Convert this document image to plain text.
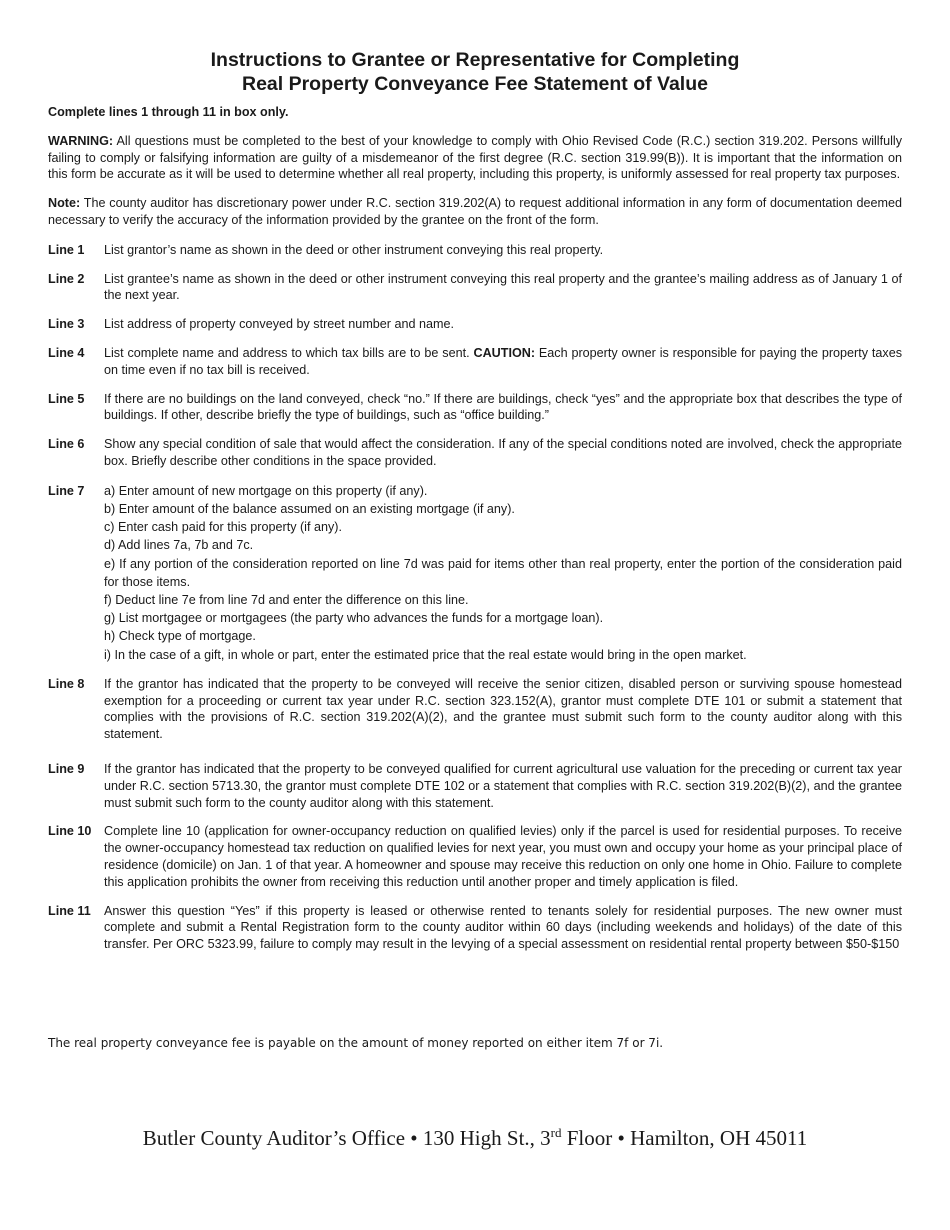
Instructions to Grantee or Representative for Completing
Real Property Conveyance Fee Statement of Value
Complete lines 1 through 11 in box only.
WARNING: All questions must be completed to the best of your knowledge to comply with Ohio Revised Code (R.C.) section 319.202. Persons willfully failing to comply or falsifying information are guilty of a misdemeanor of the first degree (R.C. section 319.99(B)). It is important that the information on this form be accurate as it will be used to determine whether all real property, including this property, is uniformly assessed for real property tax purposes.
Note: The county auditor has discretionary power under R.C. section 319.202(A) to request additional information in any form of documentation deemed necessary to verify the accuracy of the information provided by the grantee on the front of the form.
Line 1 List grantor’s name as shown in the deed or other instrument conveying this real property.
Line 2 List grantee’s name as shown in the deed or other instrument conveying this real property and the grantee’s mailing address as of January 1 of the next year.
Line 3 List address of property conveyed by street number and name.
Line 4 List complete name and address to which tax bills are to be sent. CAUTION: Each property owner is responsible for paying the property taxes on time even if no tax bill is received.
Line 5 If there are no buildings on the land conveyed, check “no.” If there are buildings, check “yes” and the appropriate box that describes the type of buildings. If other, describe briefly the type of buildings, such as “office building.”
Line 6 Show any special condition of sale that would affect the consideration. If any of the special conditions noted are involved, check the appropriate box. Briefly describe other conditions in the space provided.
Line 7 a) Enter amount of new mortgage on this property (if any).
b) Enter amount of the balance assumed on an existing mortgage (if any).
c) Enter cash paid for this property (if any).
d) Add lines 7a, 7b and 7c.
e) If any portion of the consideration reported on line 7d was paid for items other than real property, enter the portion of the consideration paid for those items.
f) Deduct line 7e from line 7d and enter the difference on this line.
g) List mortgagee or mortgagees (the party who advances the funds for a mortgage loan).
h) Check type of mortgage.
i) In the case of a gift, in whole or part, enter the estimated price that the real estate would bring in the open market.
Line 8 If the grantor has indicated that the property to be conveyed will receive the senior citizen, disabled person or surviving spouse homestead exemption for a proceeding or current tax year under R.C. section 323.152(A), grantor must complete DTE 101 or submit a statement that complies with the provisions of R.C. section 319.202(A)(2), and the grantee must submit such form to the county auditor along with this statement.
Line 9 If the grantor has indicated that the property to be conveyed qualified for current agricultural use valuation for the preceding or current tax year under R.C. section 5713.30, the grantor must complete DTE 102 or a statement that complies with R.C. section 319.202(B)(2), and the grantee must submit such form to the county auditor along with this statement.
Line 10 Complete line 10 (application for owner-occupancy reduction on qualified levies) only if the parcel is used for residential purposes. To receive the owner-occupancy homestead tax reduction on qualified levies for next year, you must own and occupy your home as your principal place of residence (domicile) on Jan. 1 of that year. A homeowner and spouse may receive this reduction on only one home in Ohio. Failure to complete this application prohibits the owner from receiving this reduction until another proper and timely application is filed.
Line 11 Answer this question “Yes” if this property is leased or otherwise rented to tenants solely for residential purposes. The new owner must complete and submit a Rental Registration form to the county auditor within 60 days (including weekends and holidays) of the date of this transfer. Per ORC 5323.99, failure to comply may result in the levying of a special assessment on residential rental property between $50-$150
The real property conveyance fee is payable on the amount of money reported on either item 7f or 7i.
Butler County Auditor’s Office • 130 High St., 3rd Floor • Hamilton, OH 45011
